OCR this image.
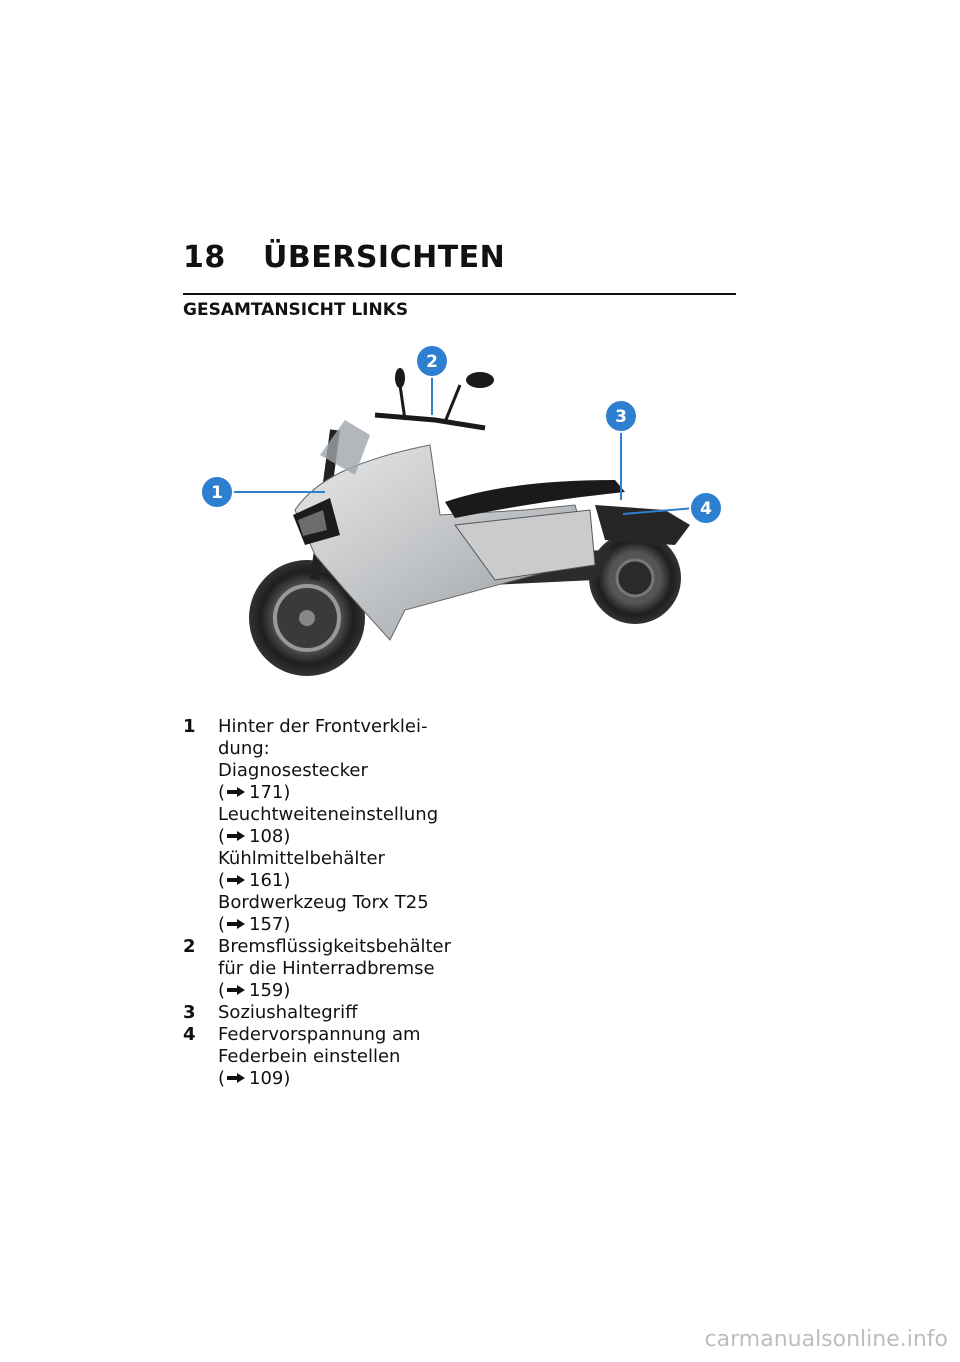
18 ÜBERSICHTEN
GESAMTANSICHT LINKS
1
2
3
4
1 Hinter der Frontverklei-
dung:
Diagnosestecker
( 171)
Leuchtweiteneinstellung
( 108)
Kühlmittelbehälter
( 161)
Bordwerkzeug Torx T25
( 157)
2 Bremsflüssigkeitsbehälter
für die Hinterradbremse
( 159)
3 Soziushaltegriff
4 Federvorspannung am
Federbein einstellen
( 109)
carmanualsonline.info
